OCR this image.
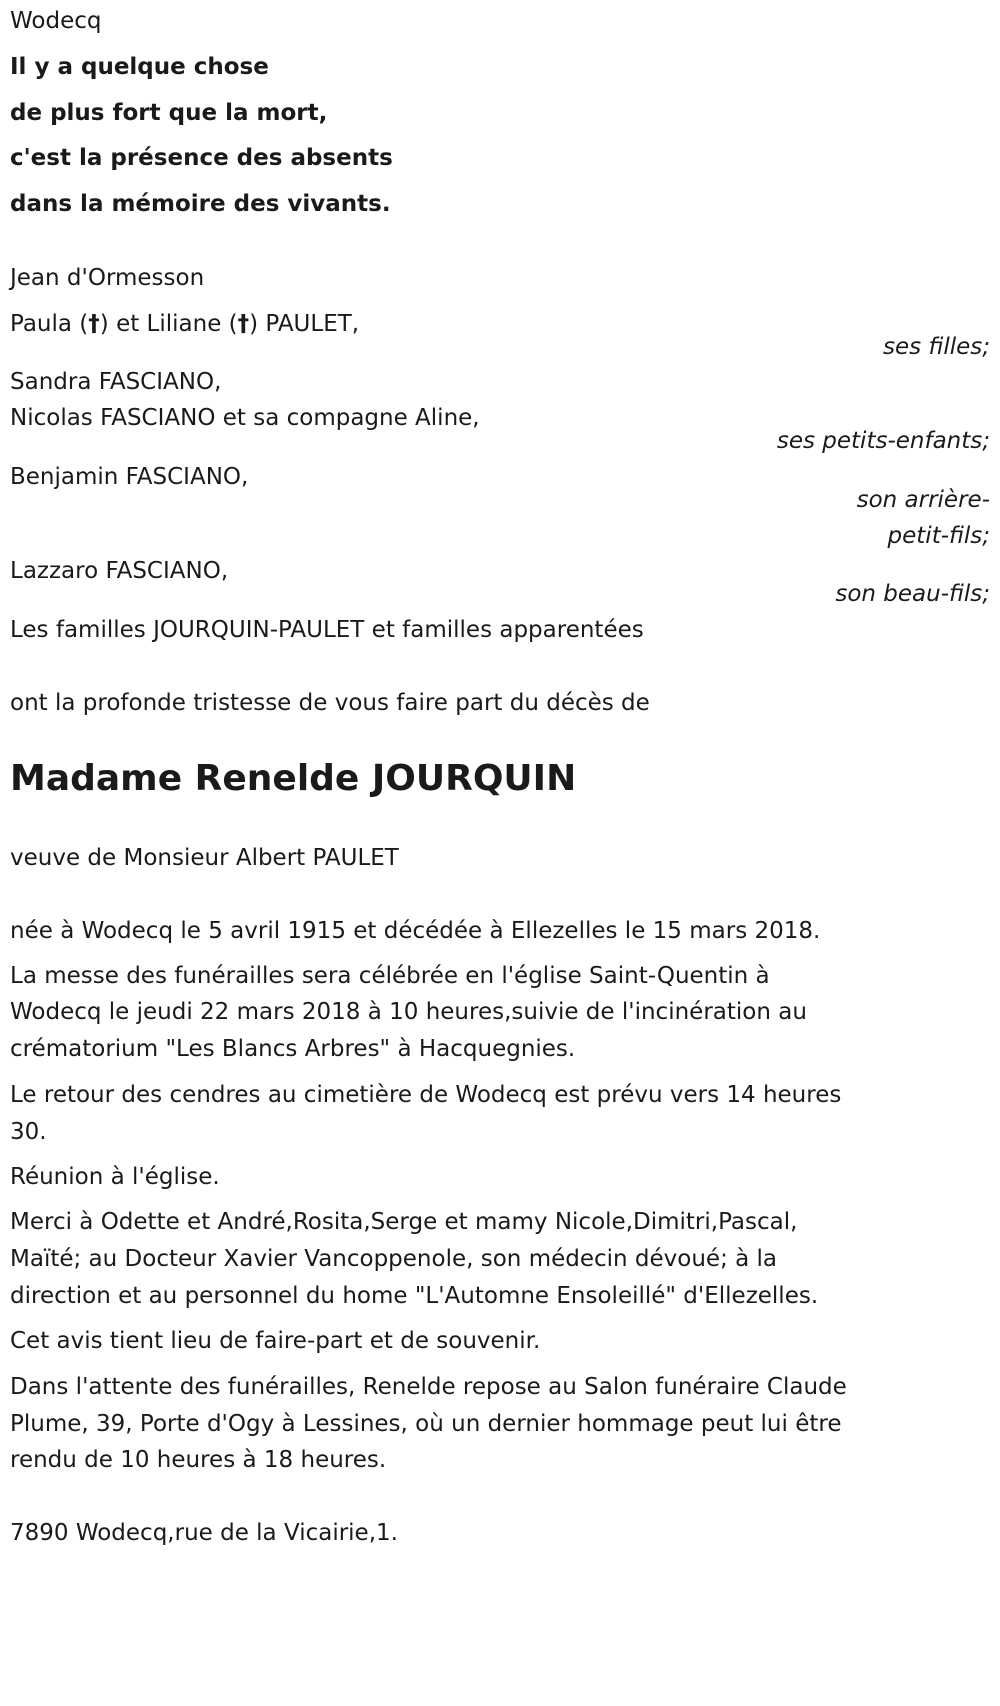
Wodecq
Il y a quelque chose
de plus fort que la mort,
c'est la présence des absents
dans la mémoire des vivants.
Jean d'Ormesson
Paula (†) et Liliane (†) PAULET,
ses filles;
Sandra FASCIANO,
Nicolas FASCIANO et sa compagne Aline,
ses petits-enfants;
Benjamin FASCIANO,
son arrière-
petit-fils;
Lazzaro FASCIANO,
son beau-fils;
Les familles JOURQUIN-PAULET et familles apparentées
ont la profonde tristesse de vous faire part du décès de
Madame Renelde JOURQUIN
veuve de Monsieur Albert PAULET
née à Wodecq le 5 avril 1915 et décédée à Ellezelles le 15 mars 2018.
La messe des funérailles sera célébrée en l'église Saint-Quentin à
Wodecq le jeudi 22 mars 2018 à 10 heures,suivie de l'incinération au
crématorium "Les Blancs Arbres" à Hacquegnies.
Le retour des cendres au cimetière de Wodecq est prévu vers 14 heures
30.
Réunion à l'église.
Merci à Odette et André,Rosita,Serge et mamy Nicole,Dimitri,Pascal,
Maïté; au Docteur Xavier Vancoppenole, son médecin dévoué; à la
direction et au personnel du home "L'Automne Ensoleillé" d'Ellezelles.
Cet avis tient lieu de faire-part et de souvenir.
Dans l'attente des funérailles, Renelde repose au Salon funéraire Claude
Plume, 39, Porte d'Ogy à Lessines, où un dernier hommage peut lui être
rendu de 10 heures à 18 heures.
7890 Wodecq,rue de la Vicairie,1.
